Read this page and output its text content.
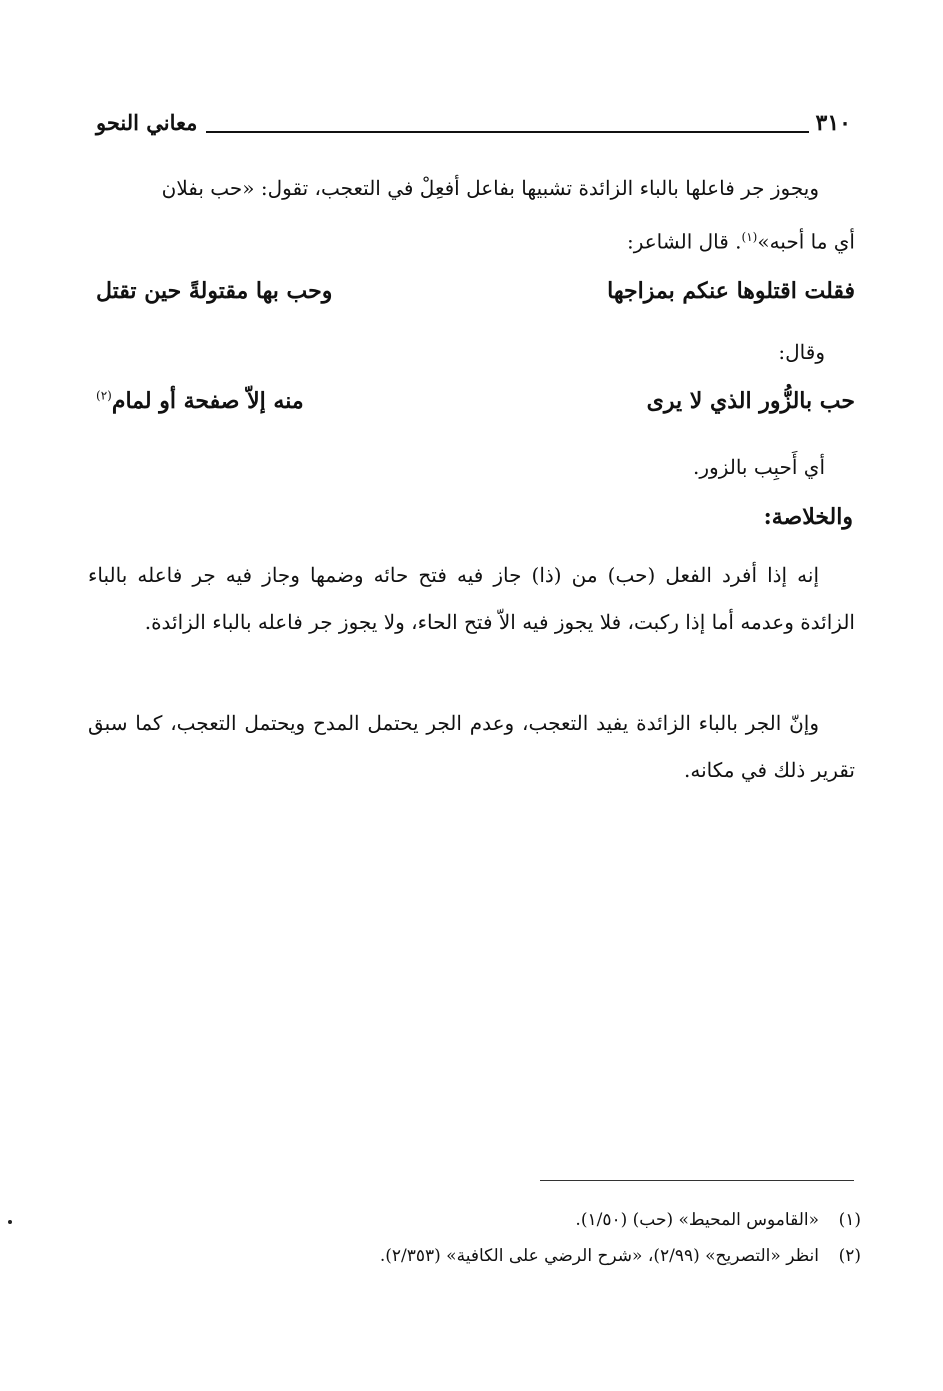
٣١٠
معاني النحو
ويجوز جر فاعلها بالباء الزائدة تشبيها بفاعل أفعِلْ في التعجب، تقول: «حب بفلان
أي ما أحبه»$^{(١)}$. قال الشاعر:
فقلت اقتلوها عنكم بمزاجها
وحب بها مقتولةً حين تقتل
وقال:
حب بالزُّور الذي لا يرى
منه إلاّ صفحة أو لمام$^{(٢)}$
أي أَحبِب بالزور.
والخلاصة:
إنه إذا أفرد الفعل (حب) من (ذا) جاز فيه فتح حائه وضمها وجاز فيه جر فاعله بالباء الزائدة وعدمه أما إذا ركبت، فلا يجوز فيه الاّ فتح الحاء، ولا يجوز جر فاعله بالباء الزائدة.
وإنّ الجر بالباء الزائدة يفيد التعجب، وعدم الجر يحتمل المدح ويحتمل التعجب، كما سبق تقرير ذلك في مكانه.
(١)«القاموس المحيط» (حب) (١/٥٠).
(٢)انظر «التصريح» (٢/٩٩)، «شرح الرضي على الكافية» (٢/٣٥٣).
